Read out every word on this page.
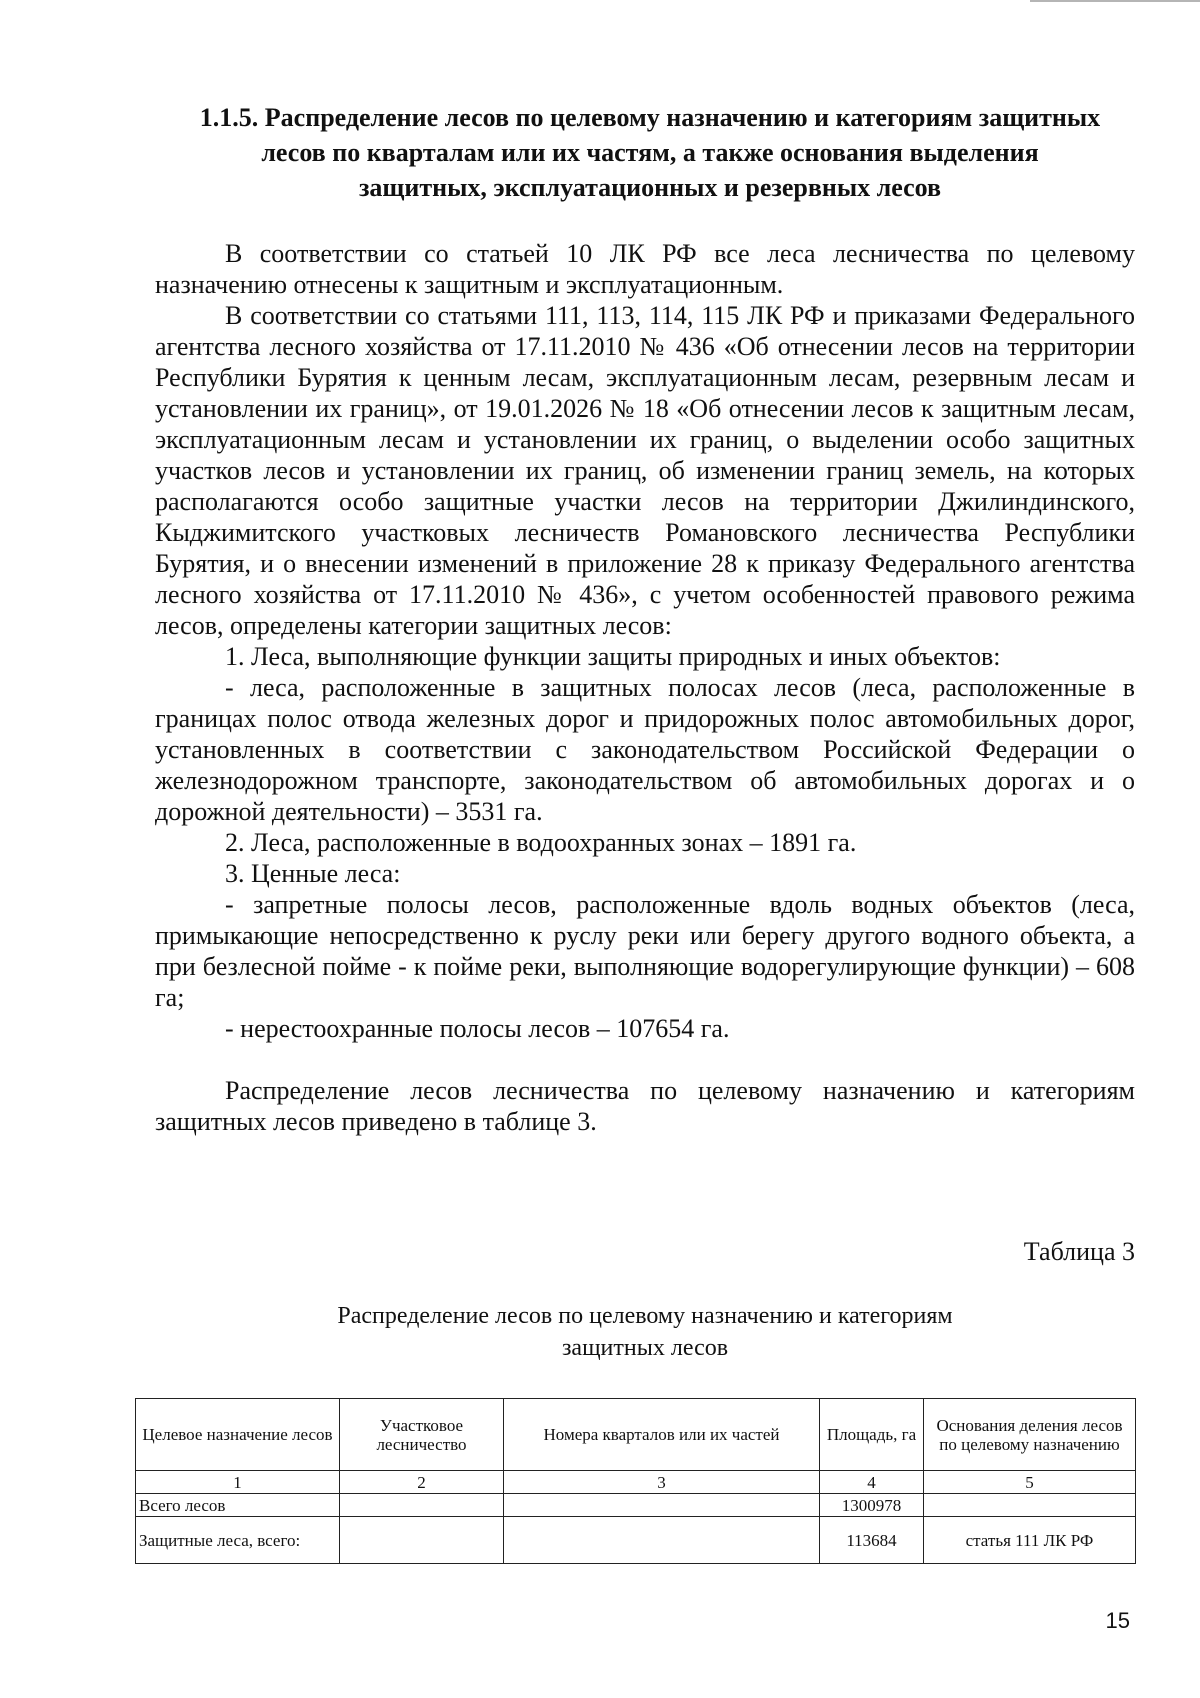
1.1.5. Распределение лесов по целевому назначению и категориям защитных
лесов по кварталам или их частям, а также основания выделения
защитных, эксплуатационных и резервных лесов

В соответствии со статьей 10 ЛК РФ все леса лесничества по целевому назначению отнесены к защитным и эксплуатационным.

В соответствии со статьями 111, 113, 114, 115 ЛК РФ и приказами Федерального агентства лесного хозяйства от 17.11.2010 № 436 «Об отнесении лесов на территории Республики Бурятия к ценным лесам, эксплуатационным лесам, резервным лесам и установлении их границ», от 19.01.2026 № 18 «Об отнесении лесов к защитным лесам, эксплуатационным лесам и установлении их границ, о выделении особо защитных участков лесов и установлении их границ, об изменении границ земель, на которых располагаются особо защитные участки лесов на территории Джилиндинского, Кыджимитского участковых лесничеств Романовского лесничества Республики Бурятия, и о внесении изменений в приложение 28 к приказу Федерального агентства лесного хозяйства от 17.11.2010 № 436», с учетом особенностей правового режима лесов, определены категории защитных лесов:

1. Леса, выполняющие функции защиты природных и иных объектов:

- леса, расположенные в защитных полосах лесов (леса, расположенные в границах полос отвода железных дорог и придорожных полос автомобильных дорог, установленных в соответствии с законодательством Российской Федерации о железнодорожном транспорте, законодательством об автомобильных дорогах и о дорожной деятельности) – 3531 га.

2. Леса, расположенные в водоохранных зонах – 1891 га.

3. Ценные леса:

- запретные полосы лесов, расположенные вдоль водных объектов (леса, примыкающие непосредственно к руслу реки или берегу другого водного объекта, а при безлесной пойме - к пойме реки, выполняющие водорегулирующие функции) – 608 га;

- нерестоохранные полосы лесов – 107654 га.

Распределение лесов лесничества по целевому назначению и категориям защитных лесов приведено в таблице 3.

Таблица 3
Распределение лесов по целевому назначению и категориям
защитных лесов
Целевое назначение лесов	Участковое лесничество	Номера кварталов или их частей	Площадь, га	Основания деления лесов по целевому назначению
1	2	3	4	5
Всего лесов			1300978	
Защитные леса, всего:			113684	статья 111 ЛК РФ
15
